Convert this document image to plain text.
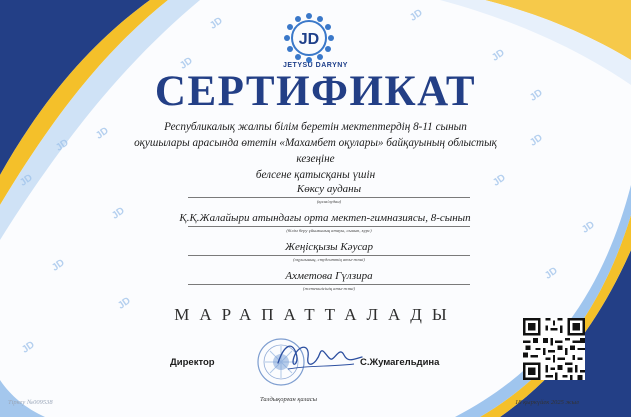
JD	JD
JD	JD
JD
JD
JD	JD
JD	JD
JD
JD
JD	JD
JD
JD
JD
JETYSU DARYNY
СЕРТИФИКАТ
Республикалық жалпы білім беретін мектептердің 8-11 сынып
оқушылары арасында өтетін «Махамбет оқулары» байқауының облыстық кезеңіне
белсене қатысқаны үшін
Көксу ауданы
(қала/аудан)
Қ.Қ.Жалайыри атындағы орта мектеп-гимназиясы, 8-сынып
(білім беру ұйымының атауы, сынып, курс)
Жеңісқызы Кәусар
(оқушының, студенттің аты-жөні)
Ахметова Гүлзира
(жетекшісінің аты-жөні)
МАРАПАТТАЛАДЫ
Директор	С.Жумагельдина
Талдықорған қаласы
Тіркеу №009538	18 қыркүйек 2025 жыл
